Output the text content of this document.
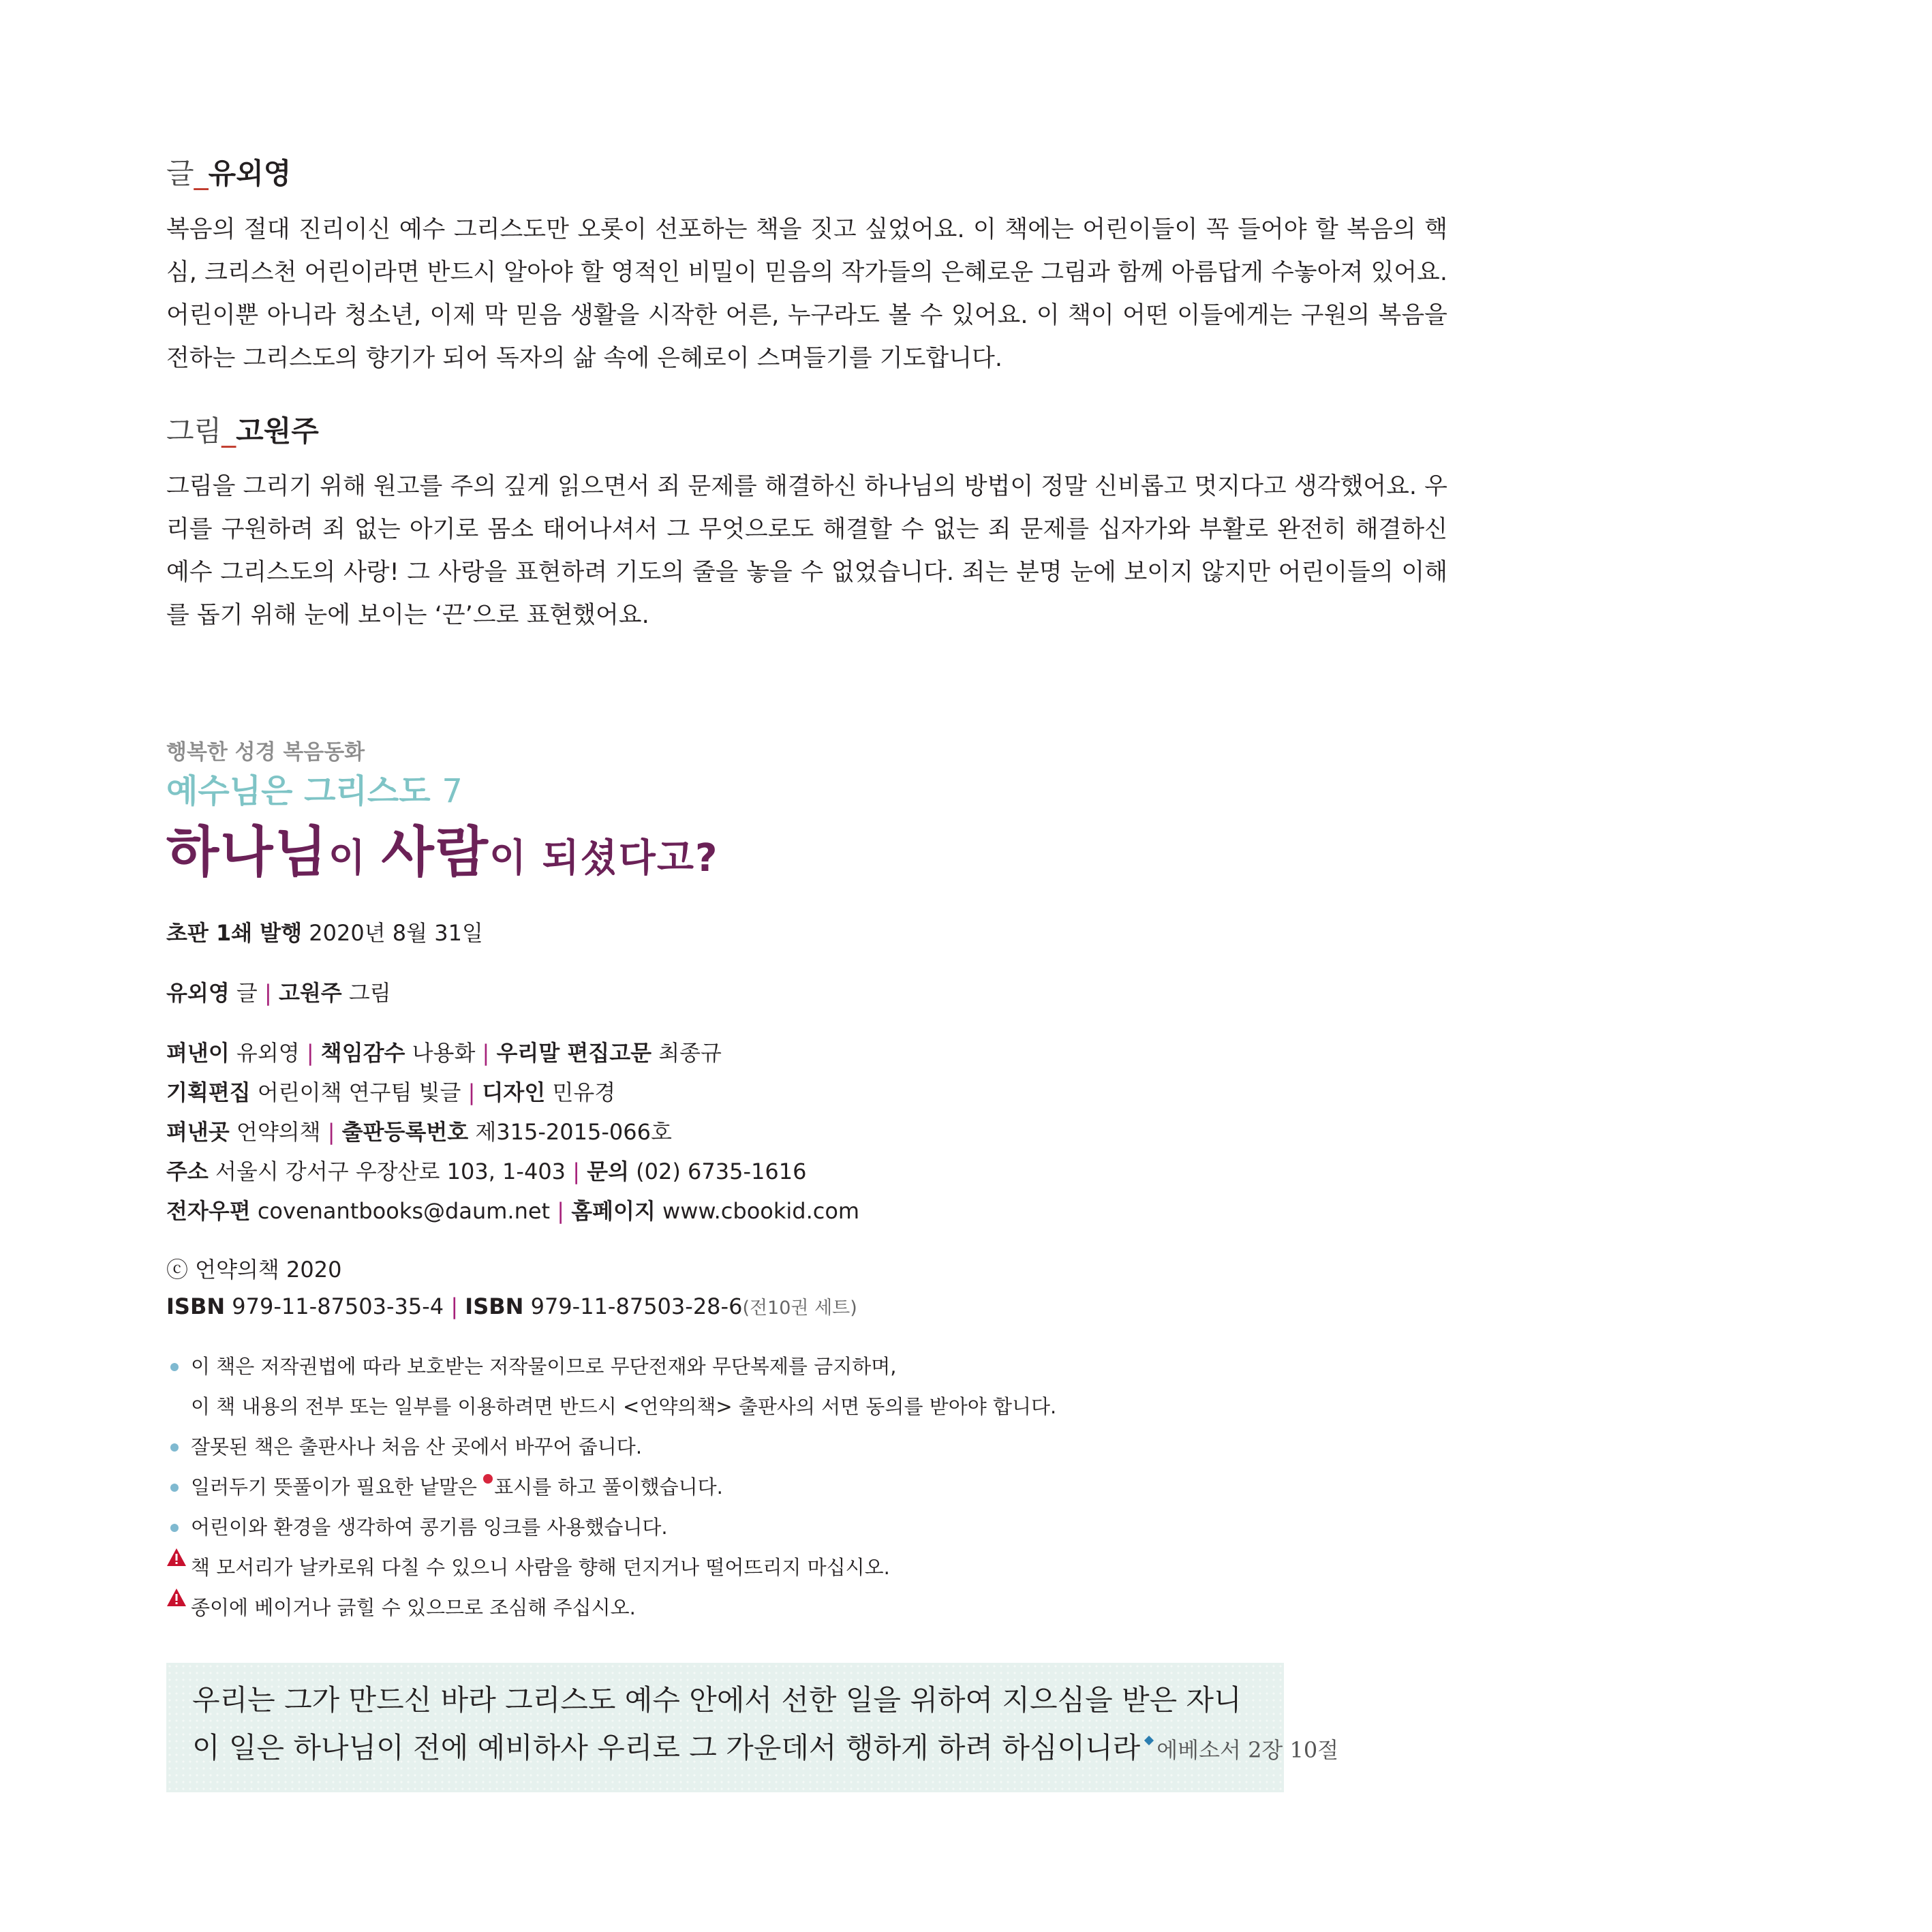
글_유외영

복음의 절대 진리이신 예수 그리스도만 오롯이 선포하는 책을 짓고 싶었어요. 이 책에는 어린이들이 꼭 들어야 할 복음의 핵심, 크리스천 어린이라면 반드시 알아야 할 영적인 비밀이 믿음의 작가들의 은혜로운 그림과 함께 아름답게 수놓아져 있어요. 어린이뿐 아니라 청소년, 이제 막 믿음 생활을 시작한 어른, 누구라도 볼 수 있어요. 이 책이 어떤 이들에게는 구원의 복음을 전하는 그리스도의 향기가 되어 독자의 삶 속에 은혜로이 스며들기를 기도합니다.

그림_고원주

그림을 그리기 위해 원고를 주의 깊게 읽으면서 죄 문제를 해결하신 하나님의 방법이 정말 신비롭고 멋지다고 생각했어요. 우리를 구원하려 죄 없는 아기로 몸소 태어나셔서 그 무엇으로도 해결할 수 없는 죄 문제를 십자가와 부활로 완전히 해결하신 예수 그리스도의 사랑! 그 사랑을 표현하려 기도의 줄을 놓을 수 없었습니다. 죄는 분명 눈에 보이지 않지만 어린이들의 이해를 돕기 위해 눈에 보이는 ‘끈’으로 표현했어요.

행복한 성경 복음동화
예수님은 그리스도 7
하나님이 사람이 되셨다고?
초판 1쇄 발행 2020년 8월 31일
유외영 글 | 고원주 그림
펴낸이 유외영 | 책임감수 나용화 | 우리말 편집고문 최종규
기획편집 어린이책 연구팀 빛글 | 디자인 민유경
펴낸곳 언약의책 | 출판등록번호 제315-2015-066호
주소 서울시 강서구 우장산로 103, 1-403 | 문의 (02) 6735-1616
전자우편 covenantbooks@daum.net | 홈페이지 www.cbookid.com
ⓒ 언약의책 2020
ISBN 979-11-87503-35-4 | ISBN 979-11-87503-28-6(전10권 세트)
이 책은 저작권법에 따라 보호받는 저작물이므로 무단전재와 무단복제를 금지하며,
이 책 내용의 전부 또는 일부를 이용하려면 반드시 <언약의책> 출판사의 서면 동의를 받아야 합니다.
잘못된 책은 출판사나 처음 산 곳에서 바꾸어 줍니다.
일러두기 뜻풀이가 필요한 낱말은 표시를 하고 풀이했습니다.
어린이와 환경을 생각하여 콩기름 잉크를 사용했습니다.
책 모서리가 날카로워 다칠 수 있으니 사람을 향해 던지거나 떨어뜨리지 마십시오.
종이에 베이거나 긁힐 수 있으므로 조심해 주십시오.
우리는 그가 만드신 바라 그리스도 예수 안에서 선한 일을 위하여 지으심을 받은 자니
이 일은 하나님이 전에 예비하사 우리로 그 가운데서 행하게 하려 하심이니라 에베소서 2장 10절
